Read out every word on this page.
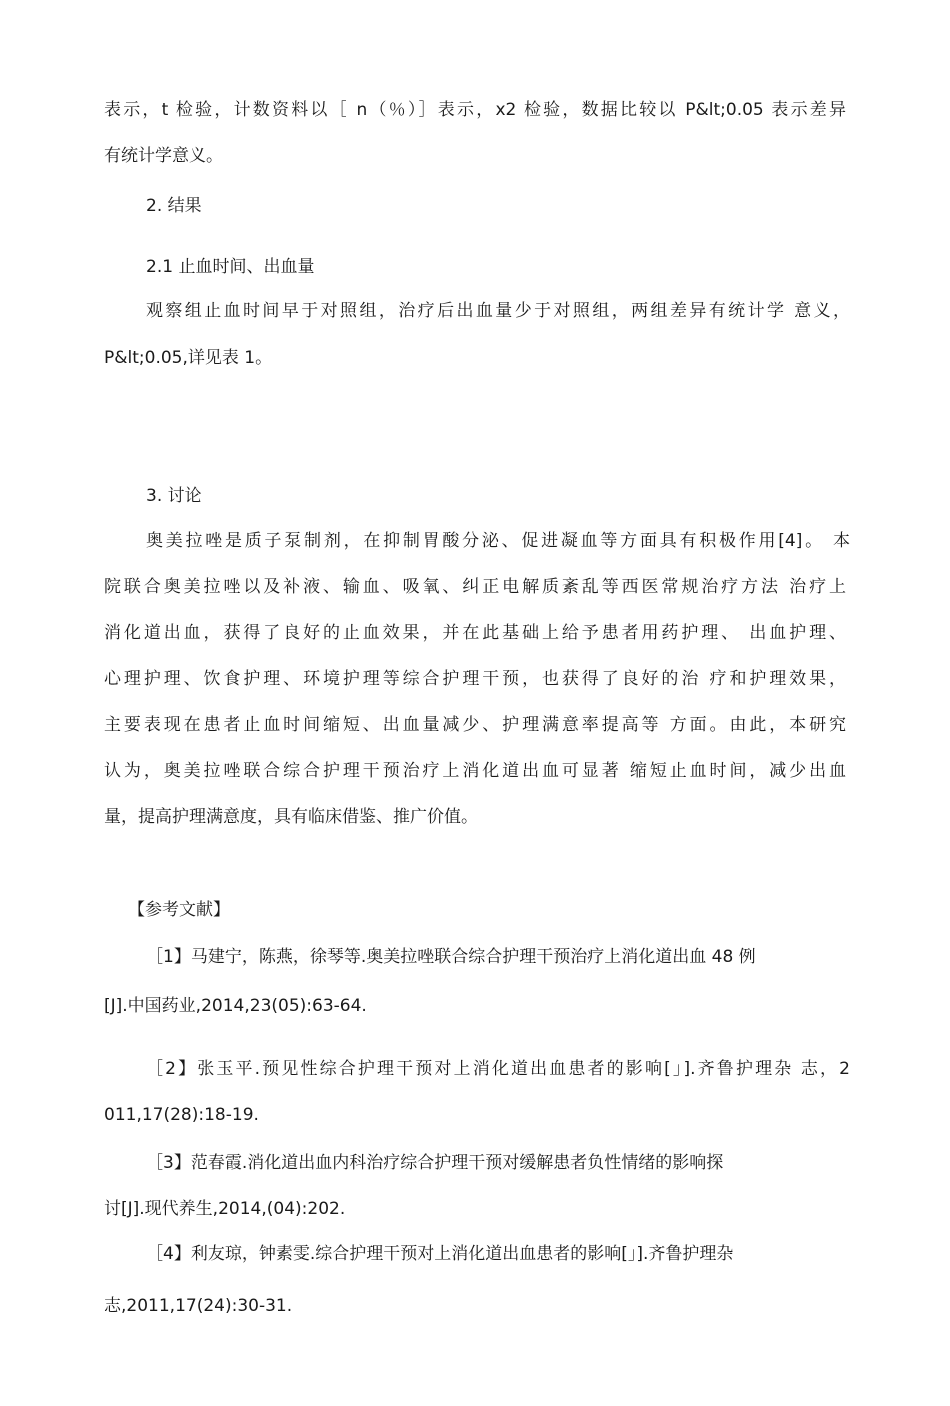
表示，t 检验，计数资料以［ n（％）］表示，x2 检验，数据比较以 P&lt;0.05 表示差异
有统计学意义。
2. 结果
2.1 止血时间、出血量
观察组止血时间早于对照组，治疗后出血量少于对照组，两组差异有统计学 意义，
P&lt;0.05,详见表 1。
3. 讨论
奥美拉唑是质子泵制剂，在抑制胃酸分泌、促进凝血等方面具有积极作用[4]。 本
院联合奥美拉唑以及补液、输血、吸氧、纠正电解质紊乱等西医常规治疗方法 治疗上
消化道出血，获得了良好的止血效果，并在此基础上给予患者用药护理、 出血护理、
心理护理、饮食护理、环境护理等综合护理干预，也获得了良好的治 疗和护理效果，
主要表现在患者止血时间缩短、出血量减少、护理满意率提高等 方面。由此，本研究
认为，奥美拉唑联合综合护理干预治疗上消化道出血可显著 缩短止血时间，减少出血
量，提高护理满意度，具有临床借鉴、推广价值。
【参考文献】
［1】马建宁，陈燕，徐琴等.奥美拉唑联合综合护理干预治疗上消化道出血 48 例
[J].中国药业,2014,23(05):63-64.
［2】张玉平.预见性综合护理干预对上消化道出血患者的影响[」].齐鲁护理杂 志，2
011,17(28):18-19.
［3】范春霞.消化道出血内科治疗综合护理干预对缓解患者负性情绪的影响探
讨[J].现代养生,2014,(04):202.
［4】利友琼，钟素雯.综合护理干预对上消化道出血患者的影响[」].齐鲁护理杂
志,2011,17(24):30-31.
